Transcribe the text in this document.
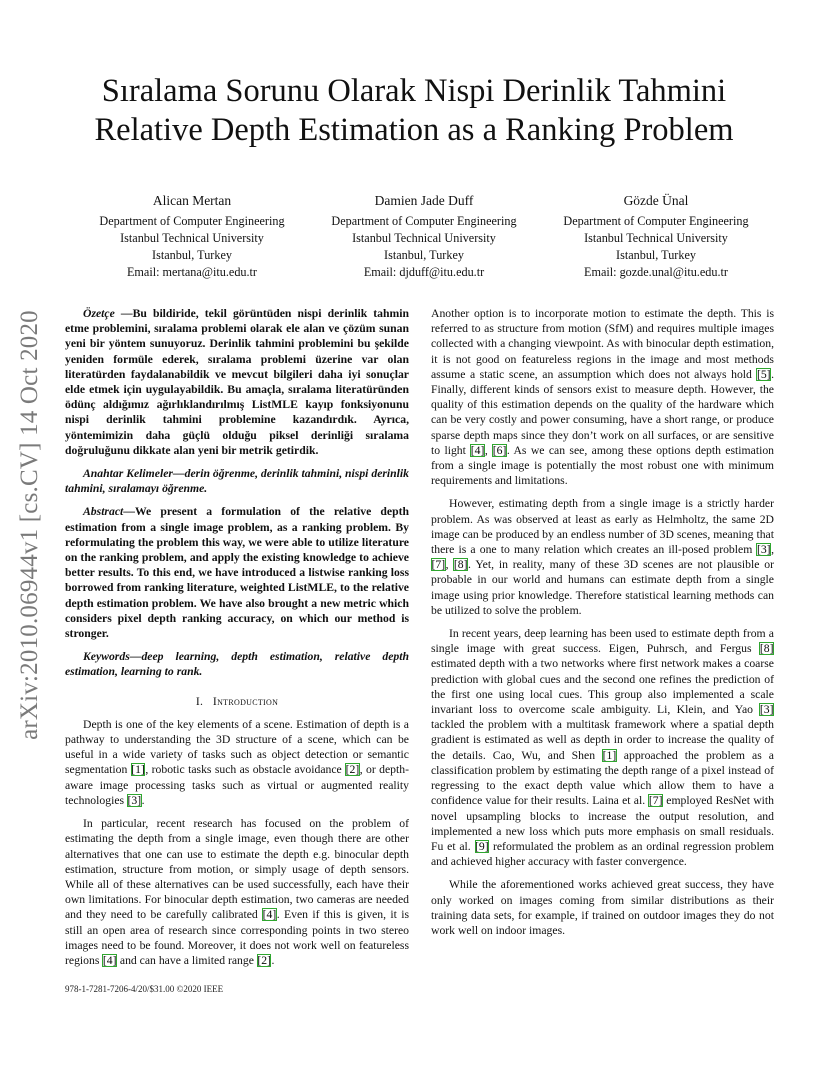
arXiv:2010.06944v1 [cs.CV] 14 Oct 2020
Sıralama Sorunu Olarak Nispi Derinlik Tahmini
Relative Depth Estimation as a Ranking Problem
Alican Mertan
Department of Computer Engineering
Istanbul Technical University
Istanbul, Turkey
Email: mertana@itu.edu.tr
Damien Jade Duff
Department of Computer Engineering
Istanbul Technical University
Istanbul, Turkey
Email: djduff@itu.edu.tr
Gözde Ünal
Department of Computer Engineering
Istanbul Technical University
Istanbul, Turkey
Email: gozde.unal@itu.edu.tr

Özetçe —Bu bildiride, tekil görüntüden nispi derinlik tahmin etme problemini, sıralama problemi olarak ele alan ve çözüm sunan yeni bir yöntem sunuyoruz. Derinlik tahmini problemini bu şekilde yeniden formüle ederek, sıralama problemi üzerine var olan literatürden faydalanabildik ve mevcut bilgileri daha iyi sonuçlar elde etmek için uygulayabildik. Bu amaçla, sıralama literatüründen ödünç aldığımız ağırlıklandırılmış ListMLE kayıp fonksiyonunu nispi derinlik tahmini problemine kazandırdık. Ayrıca, yöntemimizin daha güçlü olduğu piksel derinliği sıralama doğruluğunu dikkate alan yeni bir metrik getirdik.

Anahtar Kelimeler—derin öğrenme, derinlik tahmini, nispi derinlik tahmini, sıralamayı öğrenme.

Abstract—We present a formulation of the relative depth estimation from a single image problem, as a ranking problem. By reformulating the problem this way, we were able to utilize literature on the ranking problem, and apply the existing knowledge to achieve better results. To this end, we have introduced a listwise ranking loss borrowed from ranking literature, weighted ListMLE, to the relative depth estimation problem. We have also brought a new metric which considers pixel depth ranking accuracy, on which our method is stronger.

Keywords—deep learning, depth estimation, relative depth estimation, learning to rank.

I. Introduction

Depth is one of the key elements of a scene. Estimation of depth is a pathway to understanding the 3D structure of a scene, which can be useful in a wide variety of tasks such as object detection or semantic segmentation [1], robotic tasks such as obstacle avoidance [2], or depth-aware image processing tasks such as virtual or augmented reality technologies [3].

In particular, recent research has focused on the problem of estimating the depth from a single image, even though there are other alternatives that one can use to estimate the depth e.g. binocular depth estimation, structure from motion, or simply usage of depth sensors. While all of these alternatives can be used successfully, each have their own limitations. For binocular depth estimation, two cameras are needed and they need to be carefully calibrated [4]. Even if this is given, it is still an open area of research since corresponding points in two stereo images need to be found. Moreover, it does not work well on featureless regions [4] and can have a limited range [2].

Another option is to incorporate motion to estimate the depth. This is referred to as structure from motion (SfM) and requires multiple images collected with a changing viewpoint. As with binocular depth estimation, it is not good on featureless regions in the image and most methods assume a static scene, an assumption which does not always hold [5]. Finally, different kinds of sensors exist to measure depth. However, the quality of this estimation depends on the quality of the hardware which can be very costly and power consuming, have a short range, or produce sparse depth maps since they don’t work on all surfaces, or are sensitive to light [4], [6]. As we can see, among these options depth estimation from a single image is potentially the most robust one with minimum requirements and limitations.

However, estimating depth from a single image is a strictly harder problem. As was observed at least as early as Helmholtz, the same 2D image can be produced by an endless number of 3D scenes, meaning that there is a one to many relation which creates an ill-posed problem [3], [7], [8]. Yet, in reality, many of these 3D scenes are not plausible or probable in our world and humans can estimate depth from a single image using prior knowledge. Therefore statistical learning methods can be utilized to solve the problem.

In recent years, deep learning has been used to estimate depth from a single image with great success. Eigen, Puhrsch, and Fergus [8] estimated depth with a two networks where first network makes a coarse prediction with global cues and the second one refines the prediction of the first one using local cues. This group also implemented a scale invariant loss to overcome scale ambiguity. Li, Klein, and Yao [3] tackled the problem with a multitask framework where a spatial depth gradient is estimated as well as depth in order to increase the quality of the details. Cao, Wu, and Shen [1] approached the problem as a classification problem by estimating the depth range of a pixel instead of regressing to the exact depth value which allow them to have a confidence value for their results. Laina et al. [7] employed ResNet with novel upsampling blocks to increase the output resolution, and implemented a new loss which puts more emphasis on small residuals. Fu et al. [9] reformulated the problem as an ordinal regression problem and achieved higher accuracy with faster convergence.

While the aforementioned works achieved great success, they have only worked on images coming from similar distributions as their training data sets, for example, if trained on outdoor images they do not work well on indoor images.

978-1-7281-7206-4/20/$31.00 ©2020 IEEE
